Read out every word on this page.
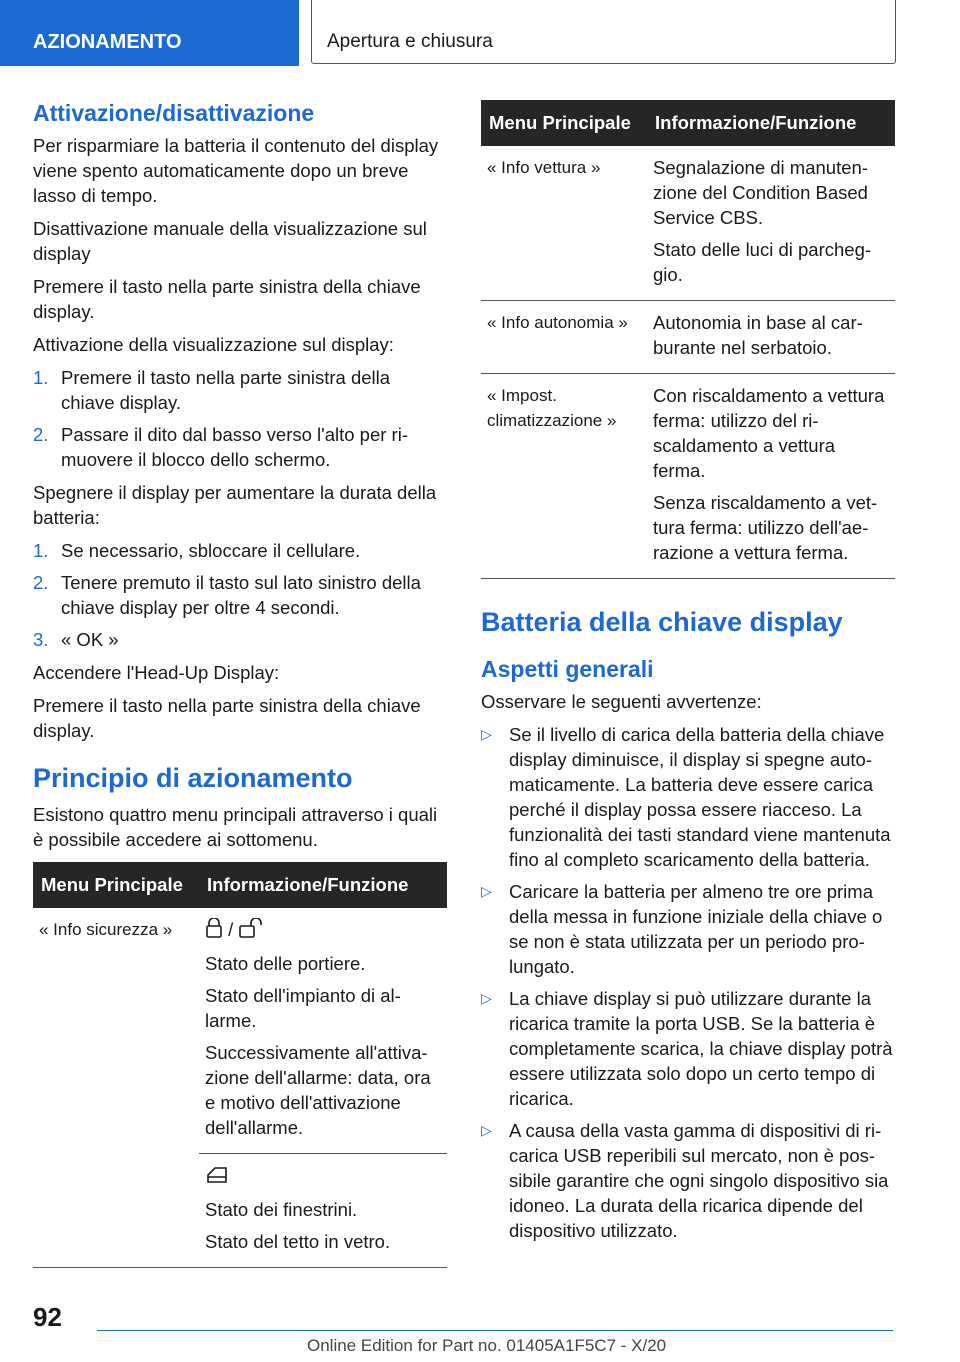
AZIONAMENTO	Apertura e chiusura
Attivazione/disattivazione

Per risparmiare la batteria il contenuto del display viene spento automaticamente dopo un breve lasso di tempo.

Disattivazione manuale della visualizzazione sul display

Premere il tasto nella parte sinistra della chiave display.

Attivazione della visualizzazione sul display:

1. Premere il tasto nella parte sinistra della chiave display.
2. Passare il dito dal basso verso l'alto per rimuovere il blocco dello schermo.

Spegnere il display per aumentare la durata della batteria:

1. Se necessario, sbloccare il cellulare.
2. Tenere premuto il tasto sul lato sinistro della chiave display per oltre 4 secondi.
3. « OK »

Accendere l'Head-Up Display:

Premere il tasto nella parte sinistra della chiave display.

Principio di azionamento

Esistono quattro menu principali attraverso i quali è possibile accedere ai sottomenu.

Menu Principale	Informazione/Funzione
« Info sicurezza »	/

Stato delle portiere.

Stato dell'impianto di allarme.

Successivamente all'attivazione dell'allarme: data, ora e motivo dell'attivazione dell'allarme.

	Stato dei finestrini.

Stato del tetto in vetro.

Menu Principale	Informazione/Funzione
« Info vettura »	Segnalazione di manutenzione del Condition Based Service CBS.

Stato delle luci di parcheggio.

« Info autonomia »	Autonomia in base al carburante nel serbatoio.

« Impost. climatizzazione »	Con riscaldamento a vettura ferma: utilizzo del riscaldamento a vettura ferma.

Senza riscaldamento a vettura ferma: utilizzo dell'aerazione a vettura ferma.

Batteria della chiave display
Aspetti generali

Osservare le seguenti avvertenze:

▷ Se il livello di carica della batteria della chiave display diminuisce, il display si spegne automaticamente. La batteria deve essere carica perché il display possa essere riacceso. La funzionalità dei tasti standard viene mantenuta fino al completo scaricamento della batteria.
▷ Caricare la batteria per almeno tre ore prima della messa in funzione iniziale della chiave o se non è stata utilizzata per un periodo prolungato.
▷ La chiave display si può utilizzare durante la ricarica tramite la porta USB. Se la batteria è completamente scarica, la chiave display potrà essere utilizzata solo dopo un certo tempo di ricarica.
▷ A causa della vasta gamma di dispositivi di ricarica USB reperibili sul mercato, non è possibile garantire che ogni singolo dispositivo sia idoneo. La durata della ricarica dipende del dispositivo utilizzato.
92
Online Edition for Part no. 01405A1F5C7 - X/20
